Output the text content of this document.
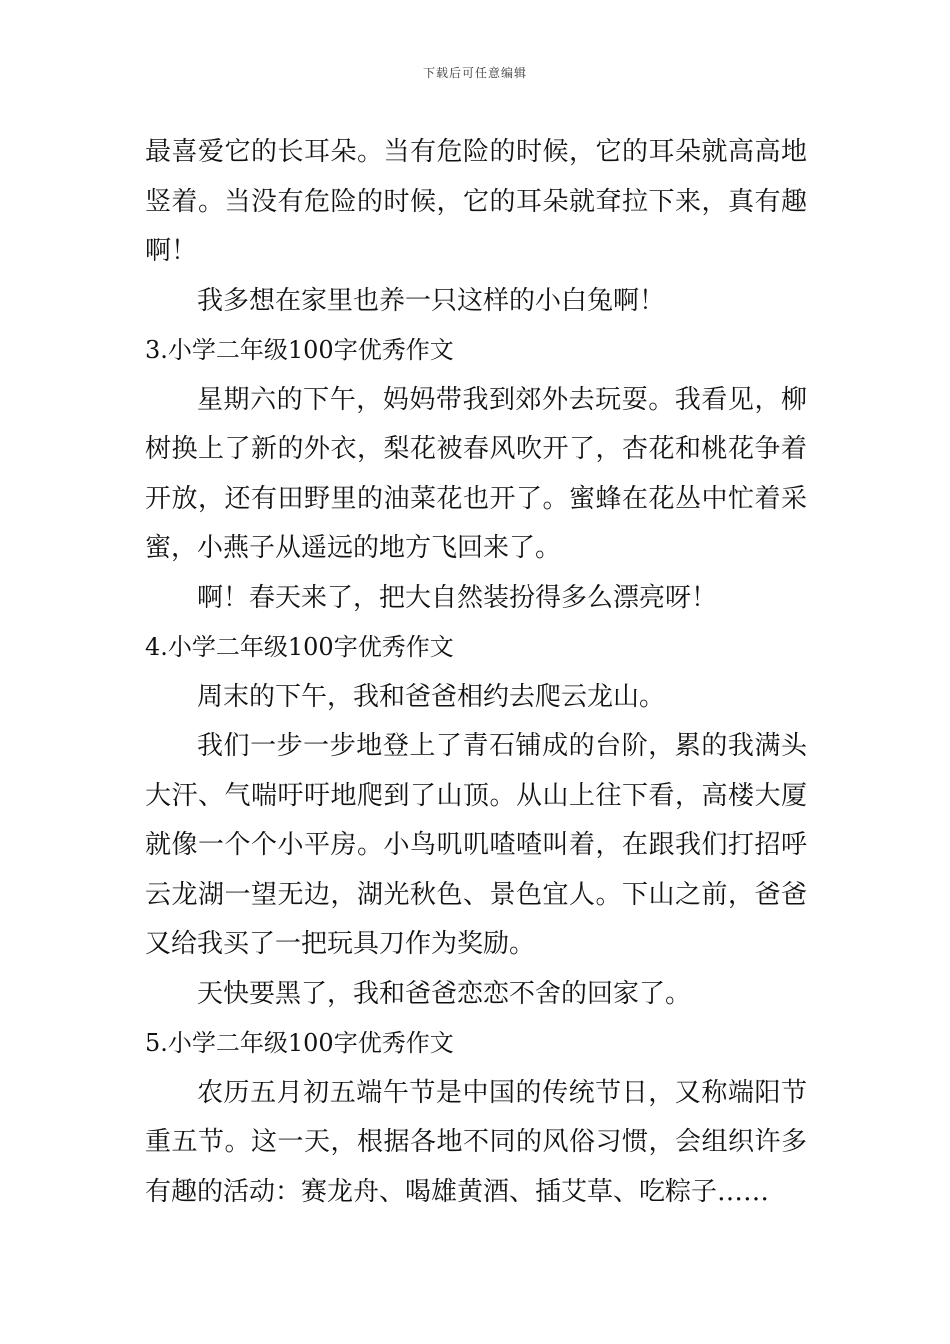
下载后可任意编辑
最喜爱它的长耳朵。当有危险的时候，它的耳朵就高高地
竖着。当没有危险的时候，它的耳朵就耷拉下来，真有趣
啊！
我多想在家里也养一只这样的小白兔啊！
3.小学二年级100字优秀作文
星期六的下午，妈妈带我到郊外去玩耍。我看见，柳
树换上了新的外衣，梨花被春风吹开了，杏花和桃花争着
开放，还有田野里的油菜花也开了。蜜蜂在花丛中忙着采
蜜，小燕子从遥远的地方飞回来了。
啊！春天来了，把大自然装扮得多么漂亮呀！
4.小学二年级100字优秀作文
周末的下午，我和爸爸相约去爬云龙山。
我们一步一步地登上了青石铺成的台阶，累的我满头
大汗、气喘吁吁地爬到了山顶。从山上往下看，高楼大厦
就像一个个小平房。小鸟叽叽喳喳叫着，在跟我们打招呼
云龙湖一望无边，湖光秋色、景色宜人。下山之前，爸爸
又给我买了一把玩具刀作为奖励。
天快要黑了，我和爸爸恋恋不舍的回家了。
5.小学二年级100字优秀作文
农历五月初五端午节是中国的传统节日，又称端阳节
重五节。这一天，根据各地不同的风俗习惯，会组织许多
有趣的活动：赛龙舟、喝雄黄酒、插艾草、吃粽子……
